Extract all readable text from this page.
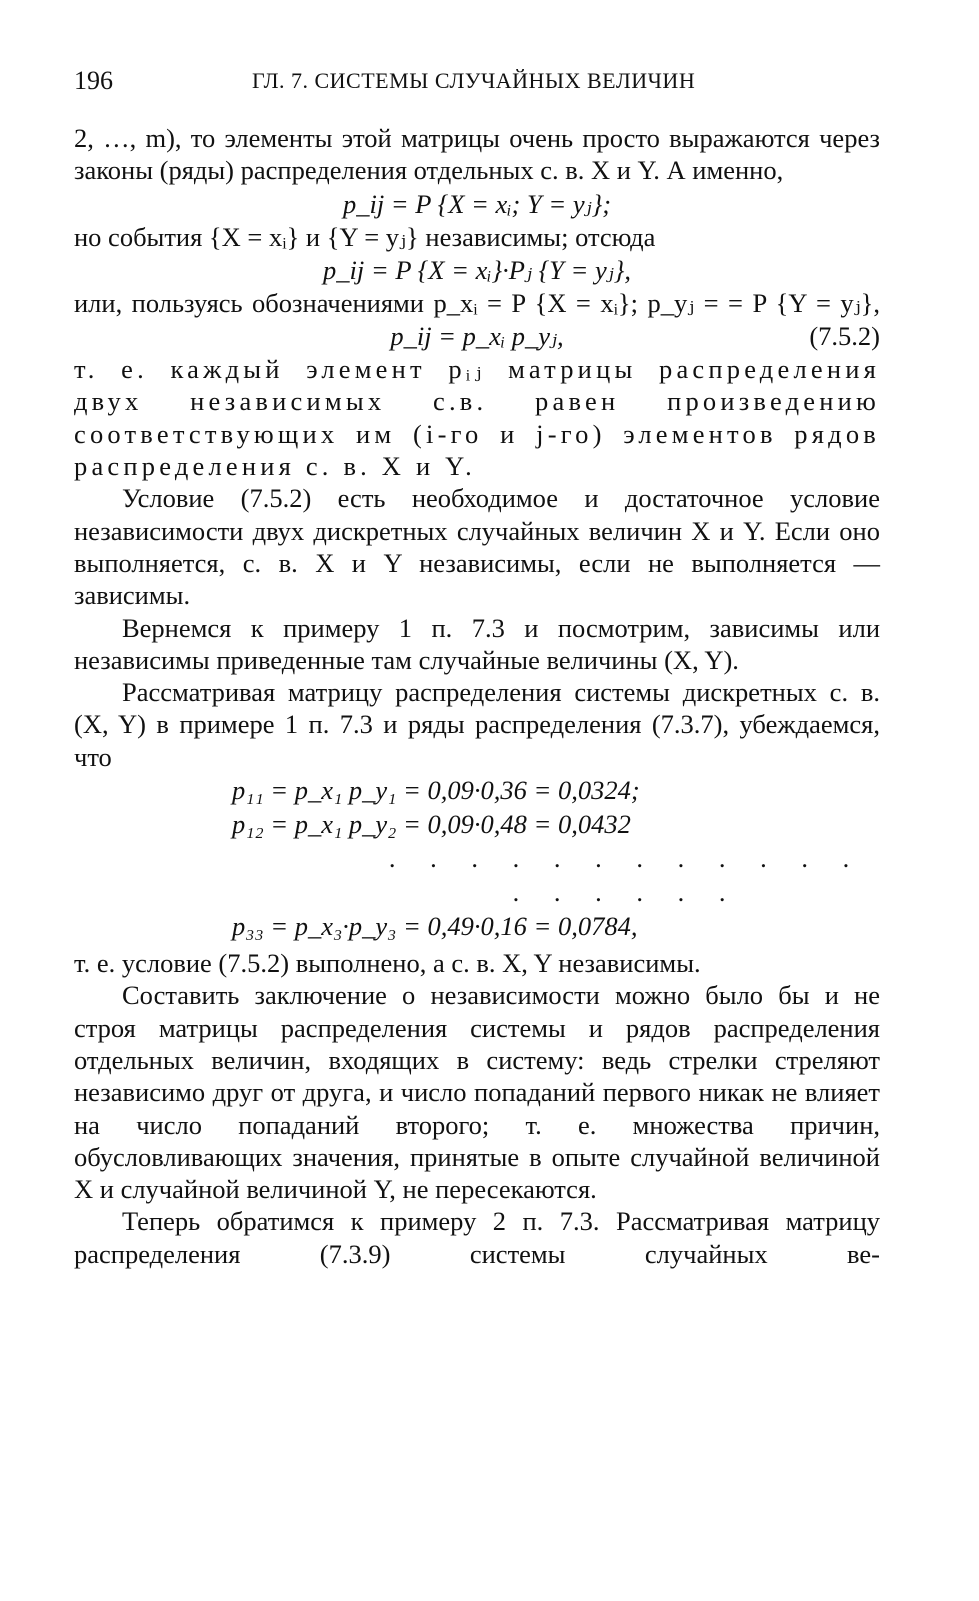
196	ГЛ. 7. СИСТЕМЫ СЛУЧАЙНЫХ ВЕЛИЧИН

2, …, m), то элементы этой матрицы очень просто выражаются через законы (ряды) распределения отдельных с. в. X и Y. А именно,

p_ij = P {X = xᵢ; Y = yⱼ};

но события {X = xᵢ} и {Y = yⱼ} независимы; отсюда

p_ij = P {X = xᵢ}·Pⱼ {Y = yⱼ},

или, пользуясь обозначениями p_xᵢ = P {X = xᵢ}; p_yⱼ = = P {Y = yⱼ},

p_ij = p_xᵢ p_yⱼ,	(7.5.2)

т. е. каждый элемент pᵢⱼ матрицы распределения двух независимых с.в. равен произведению соответствующих им (i-го и j-го) элементов рядов распределения с. в. X и Y.

Условие (7.5.2) есть необходимое и достаточное условие независимости двух дискретных случайных величин X и Y. Если оно выполняется, с. в. X и Y независимы, если не выполняется — зависимы.

Вернемся к примеру 1 п. 7.3 и посмотрим, зависимы или независимы приведенные там случайные величины (X, Y).

Рассматривая матрицу распределения системы дискретных с. в. (X, Y) в примере 1 п. 7.3 и ряды распределения (7.3.7), убеждаемся, что

p₁₁ = p_x₁ p_y₁ = 0,09·0,36 = 0,0324;
p₁₂ = p_x₁ p_y₂ = 0,09·0,48 = 0,0432
. . . . . . . . . . . . . . . . . .
p₃₃ = p_x₃·p_y₃ = 0,49·0,16 = 0,0784,

т. е. условие (7.5.2) выполнено, а с. в. X, Y независимы.

Составить заключение о независимости можно было бы и не строя матрицы распределения системы и рядов распределения отдельных величин, входящих в систему: ведь стрелки стреляют независимо друг от друга, и число попаданий первого никак не влияет на число попаданий второго; т. е. множества причин, обусловливающих значения, принятые в опыте случайной величиной X и случайной величиной Y, не пересекаются.

Теперь обратимся к примеру 2 п. 7.3. Рассматривая матрицу распределения (7.3.9) системы случайных ве-
